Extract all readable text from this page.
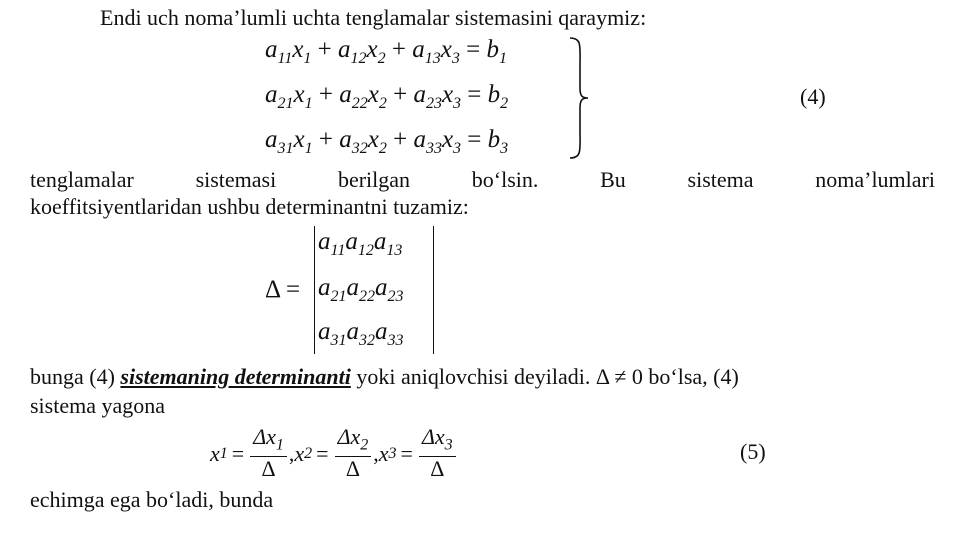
Endi uch noma’lumli uchta tenglamalar sistemasini qaraymiz:
$a_{11}x_1 + a_{12}x_2 + a_{13}x_3 = b_1$
$a_{21}x_1 + a_{22}x_2 + a_{23}x_3 = b_2$
$a_{31}x_1 + a_{32}x_2 + a_{33}x_3 = b_3$
(4)
tenglamalar	sistemasi	berilgan	bo‘lsin.	Bu	sistema	noma’lumlari
koeffitsiyentlaridan ushbu determinantni tuzamiz:
Δ =
$a_{11}a_{12}a_{13}$
$a_{21}a_{22}a_{23}$
$a_{31}a_{32}a_{33}$
bunga (4) sistemaning determinanti yoki aniqlovchisi deyiladi. Δ ≠ 0 bo‘lsa, (4)
sistema yagona
x $1 = \frac{\Delta x_1}{\Delta}$ , x $2 = \frac{\Delta x_2}{\Delta}$ , x $3 = \frac{\Delta x_3}{\Delta}$	(5)
echimga ega bo‘ladi, bunda
